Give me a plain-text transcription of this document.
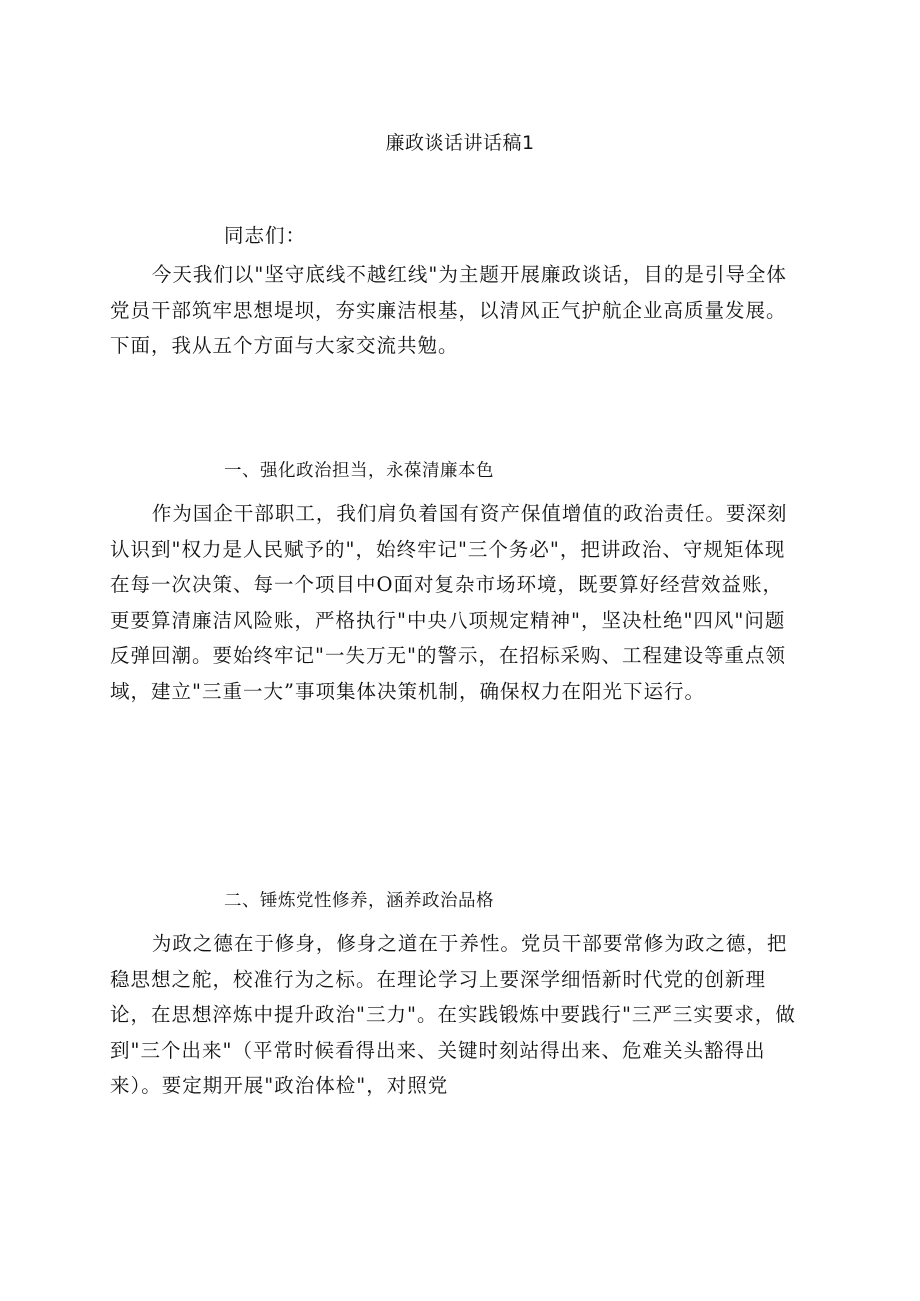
廉政谈话讲话稿1
同志们：
今天我们以"坚守底线不越红线"为主题开展廉政谈话，目的是引导全体党员干部筑牢思想堤坝，夯实廉洁根基，以清风正气护航企业高质量发展。下面，我从五个方面与大家交流共勉。
一、强化政治担当，永葆清廉本色
作为国企干部职工，我们肩负着国有资产保值增值的政治责任。要深刻认识到"权力是人民赋予的"，始终牢记"三个务必"，把讲政治、守规矩体现在每一次决策、每一个项目中O面对复杂市场环境，既要算好经营效益账，更要算清廉洁风险账，严格执行"中央八项规定精神"，坚决杜绝"四风"问题反弹回潮。要始终牢记"一失万无"的警示，在招标采购、工程建设等重点领域，建立"三重一大”事项集体决策机制，确保权力在阳光下运行。
二、锤炼党性修养，涵养政治品格
为政之德在于修身，修身之道在于养性。党员干部要常修为政之德，把稳思想之舵，校准行为之标。在理论学习上要深学细悟新时代党的创新理论，在思想淬炼中提升政治"三力"。在实践锻炼中要践行"三严三实要求，做到"三个出来"（平常时候看得出来、关键时刻站得出来、危难关头豁得出来）。要定期开展"政治体检"，对照党
